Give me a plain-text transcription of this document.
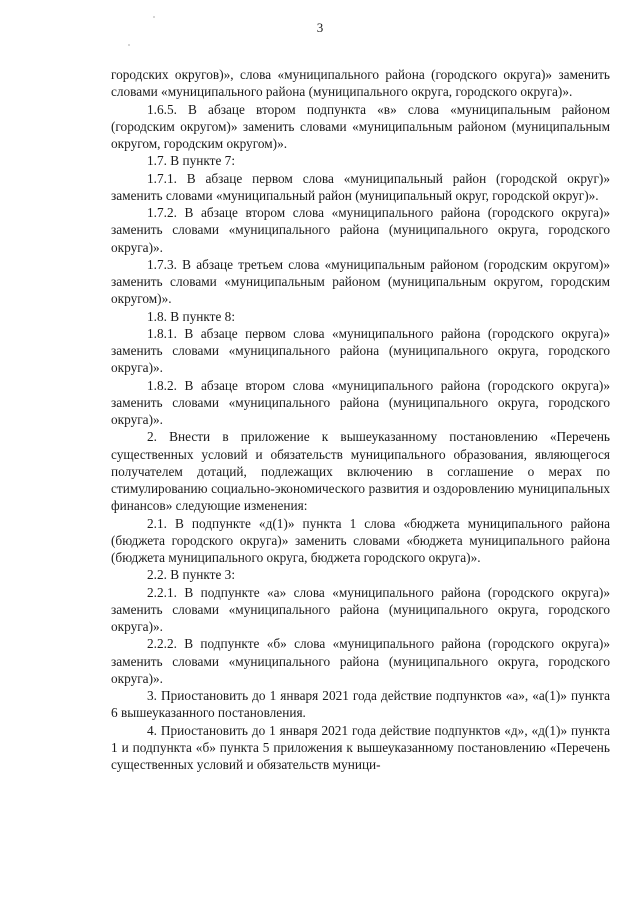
3

городских округов)», слова «муниципального района (городского округа)» заменить словами «муниципального района (муниципального округа, городского округа)».

1.6.5. В абзаце втором подпункта «в» слова «муниципальным районом (городским округом)» заменить словами «муниципальным районом (муниципальным округом, городским округом)».

1.7. В пункте 7:

1.7.1. В абзаце первом слова «муниципальный район (городской округ)» заменить словами «муниципальный район (муниципальный округ, городской округ)».

1.7.2. В абзаце втором слова «муниципального района (городского округа)» заменить словами «муниципального района (муниципального округа, городского округа)».

1.7.3. В абзаце третьем слова «муниципальным районом (городским округом)» заменить словами «муниципальным районом (муниципальным округом, городским округом)».

1.8. В пункте 8:

1.8.1. В абзаце первом слова «муниципального района (городского округа)» заменить словами «муниципального района (муниципального округа, городского округа)».

1.8.2. В абзаце втором слова «муниципального района (городского округа)» заменить словами «муниципального района (муниципального округа, городского округа)».

2. Внести в приложение к вышеуказанному постановлению «Перечень существенных условий и обязательств муниципального образования, являющегося получателем дотаций, подлежащих включению в соглашение о мерах по стимулированию социально-экономического развития и оздоровлению муниципальных финансов» следующие изменения:

2.1. В подпункте «д(1)» пункта 1 слова «бюджета муниципального района (бюджета городского округа)» заменить словами «бюджета муниципального района (бюджета муниципального округа, бюджета городского округа)».

2.2. В пункте 3:

2.2.1. В подпункте «а» слова «муниципального района (городского округа)» заменить словами «муниципального района (муниципального округа, городского округа)».

2.2.2. В подпункте «б» слова «муниципального района (городского округа)» заменить словами «муниципального района (муниципального округа, городского округа)».

3. Приостановить до 1 января 2021 года действие подпунктов «а», «а(1)» пункта 6 вышеуказанного постановления.

4. Приостановить до 1 января 2021 года действие подпунктов «д», «д(1)» пункта 1 и подпункта «б» пункта 5 приложения к вышеуказанному постановлению «Перечень существенных условий и обязательств муници-
